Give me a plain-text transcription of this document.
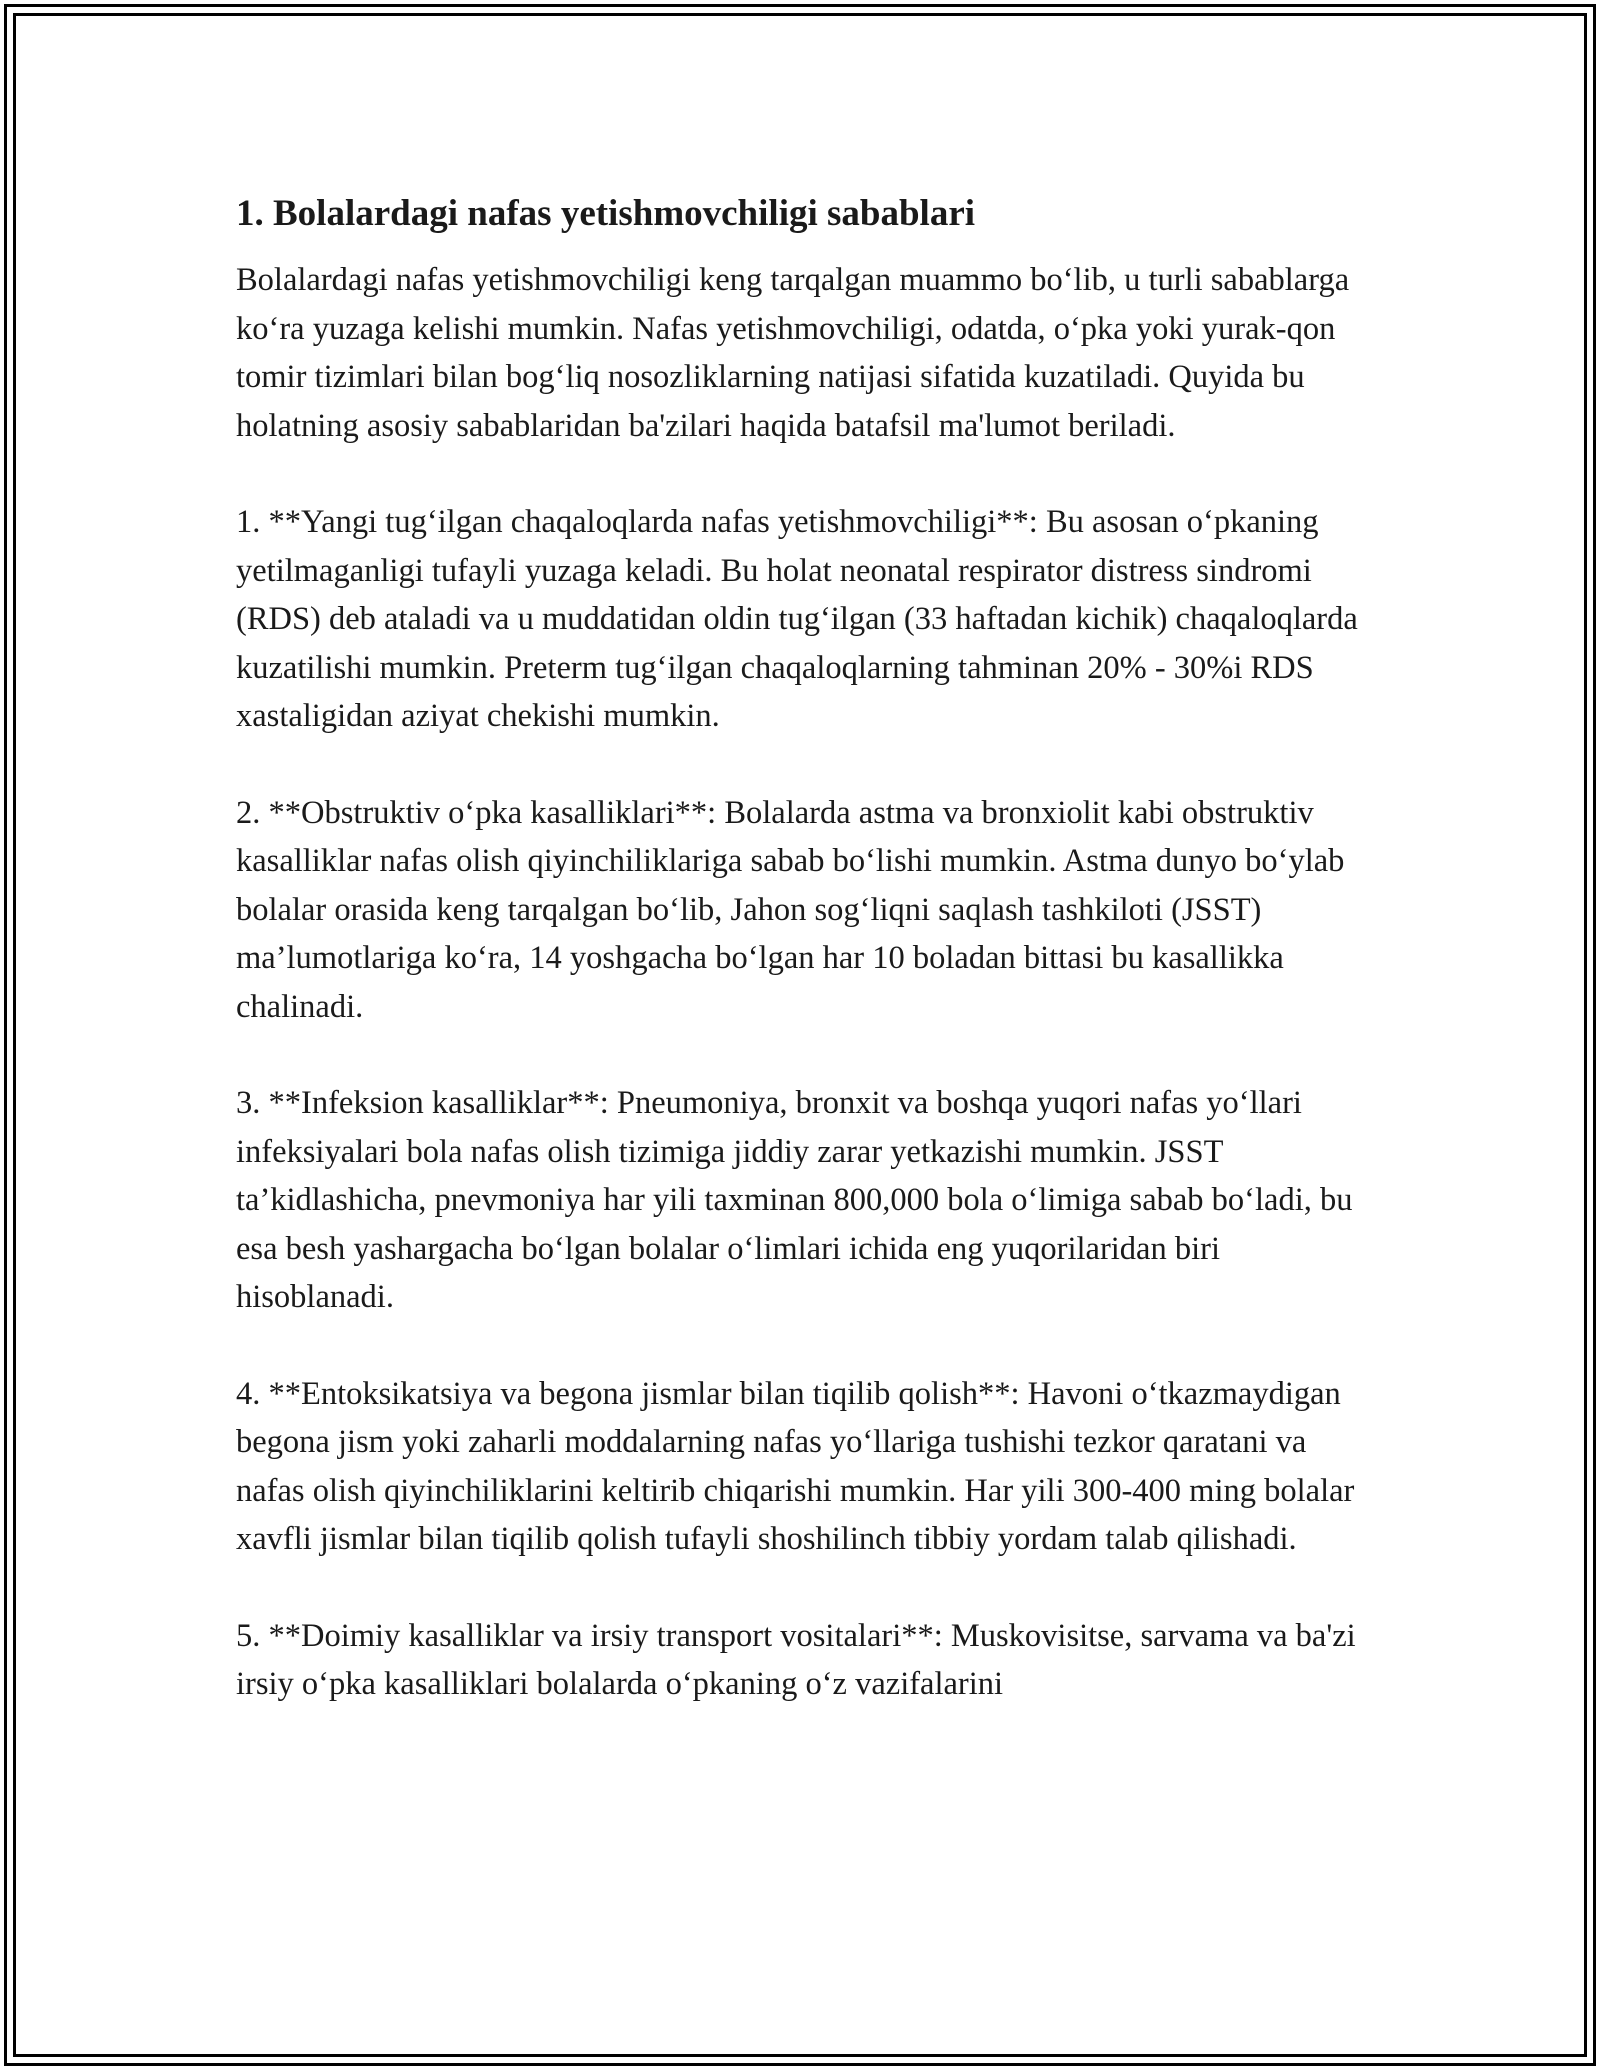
1. Bolalardagi nafas yetishmovchiligi sabablari

Bolalardagi nafas yetishmovchiligi keng tarqalgan muammo bo‘lib, u turli sabablarga ko‘ra yuzaga kelishi mumkin. Nafas yetishmovchiligi, odatda, o‘pka yoki yurak-qon tomir tizimlari bilan bog‘liq nosozliklarning natijasi sifatida kuzatiladi. Quyida bu holatning asosiy sabablaridan ba'zilari haqida batafsil ma'lumot beriladi.

1. **Yangi tug‘ilgan chaqaloqlarda nafas yetishmovchiligi**: Bu asosan o‘pkaning yetilmaganligi tufayli yuzaga keladi. Bu holat neonatal respirator distress sindromi (RDS) deb ataladi va u muddatidan oldin tug‘ilgan (33 haftadan kichik) chaqaloqlarda kuzatilishi mumkin. Preterm tug‘ilgan chaqaloqlarning tahminan 20% - 30%i RDS xastaligidan aziyat chekishi mumkin.

2. **Obstruktiv o‘pka kasalliklari**: Bolalarda astma va bronxiolit kabi obstruktiv kasalliklar nafas olish qiyinchiliklariga sabab bo‘lishi mumkin. Astma dunyo bo‘ylab bolalar orasida keng tarqalgan bo‘lib, Jahon sog‘liqni saqlash tashkiloti (JSST) ma’lumotlariga ko‘ra, 14 yoshgacha bo‘lgan har 10 boladan bittasi bu kasallikka chalinadi.

3. **Infeksion kasalliklar**: Pneumoniya, bronxit va boshqa yuqori nafas yo‘llari infeksiyalari bola nafas olish tizimiga jiddiy zarar yetkazishi mumkin. JSST ta’kidlashicha, pnevmoniya har yili taxminan 800,000 bola o‘limiga sabab bo‘ladi, bu esa besh yashargacha bo‘lgan bolalar o‘limlari ichida eng yuqorilaridan biri hisoblanadi.

4. **Entoksikatsiya va begona jismlar bilan tiqilib qolish**: Havoni o‘tkazmaydigan begona jism yoki zaharli moddalarning nafas yo‘llariga tushishi tezkor qaratani va nafas olish qiyinchiliklarini keltirib chiqarishi mumkin. Har yili 300-400 ming bolalar xavfli jismlar bilan tiqilib qolish tufayli shoshilinch tibbiy yordam talab qilishadi.

5. **Doimiy kasalliklar va irsiy transport vositalari**: Muskovisitse, sarvama va ba'zi irsiy o‘pka kasalliklari bolalarda o‘pkaning o‘z vazifalarini
